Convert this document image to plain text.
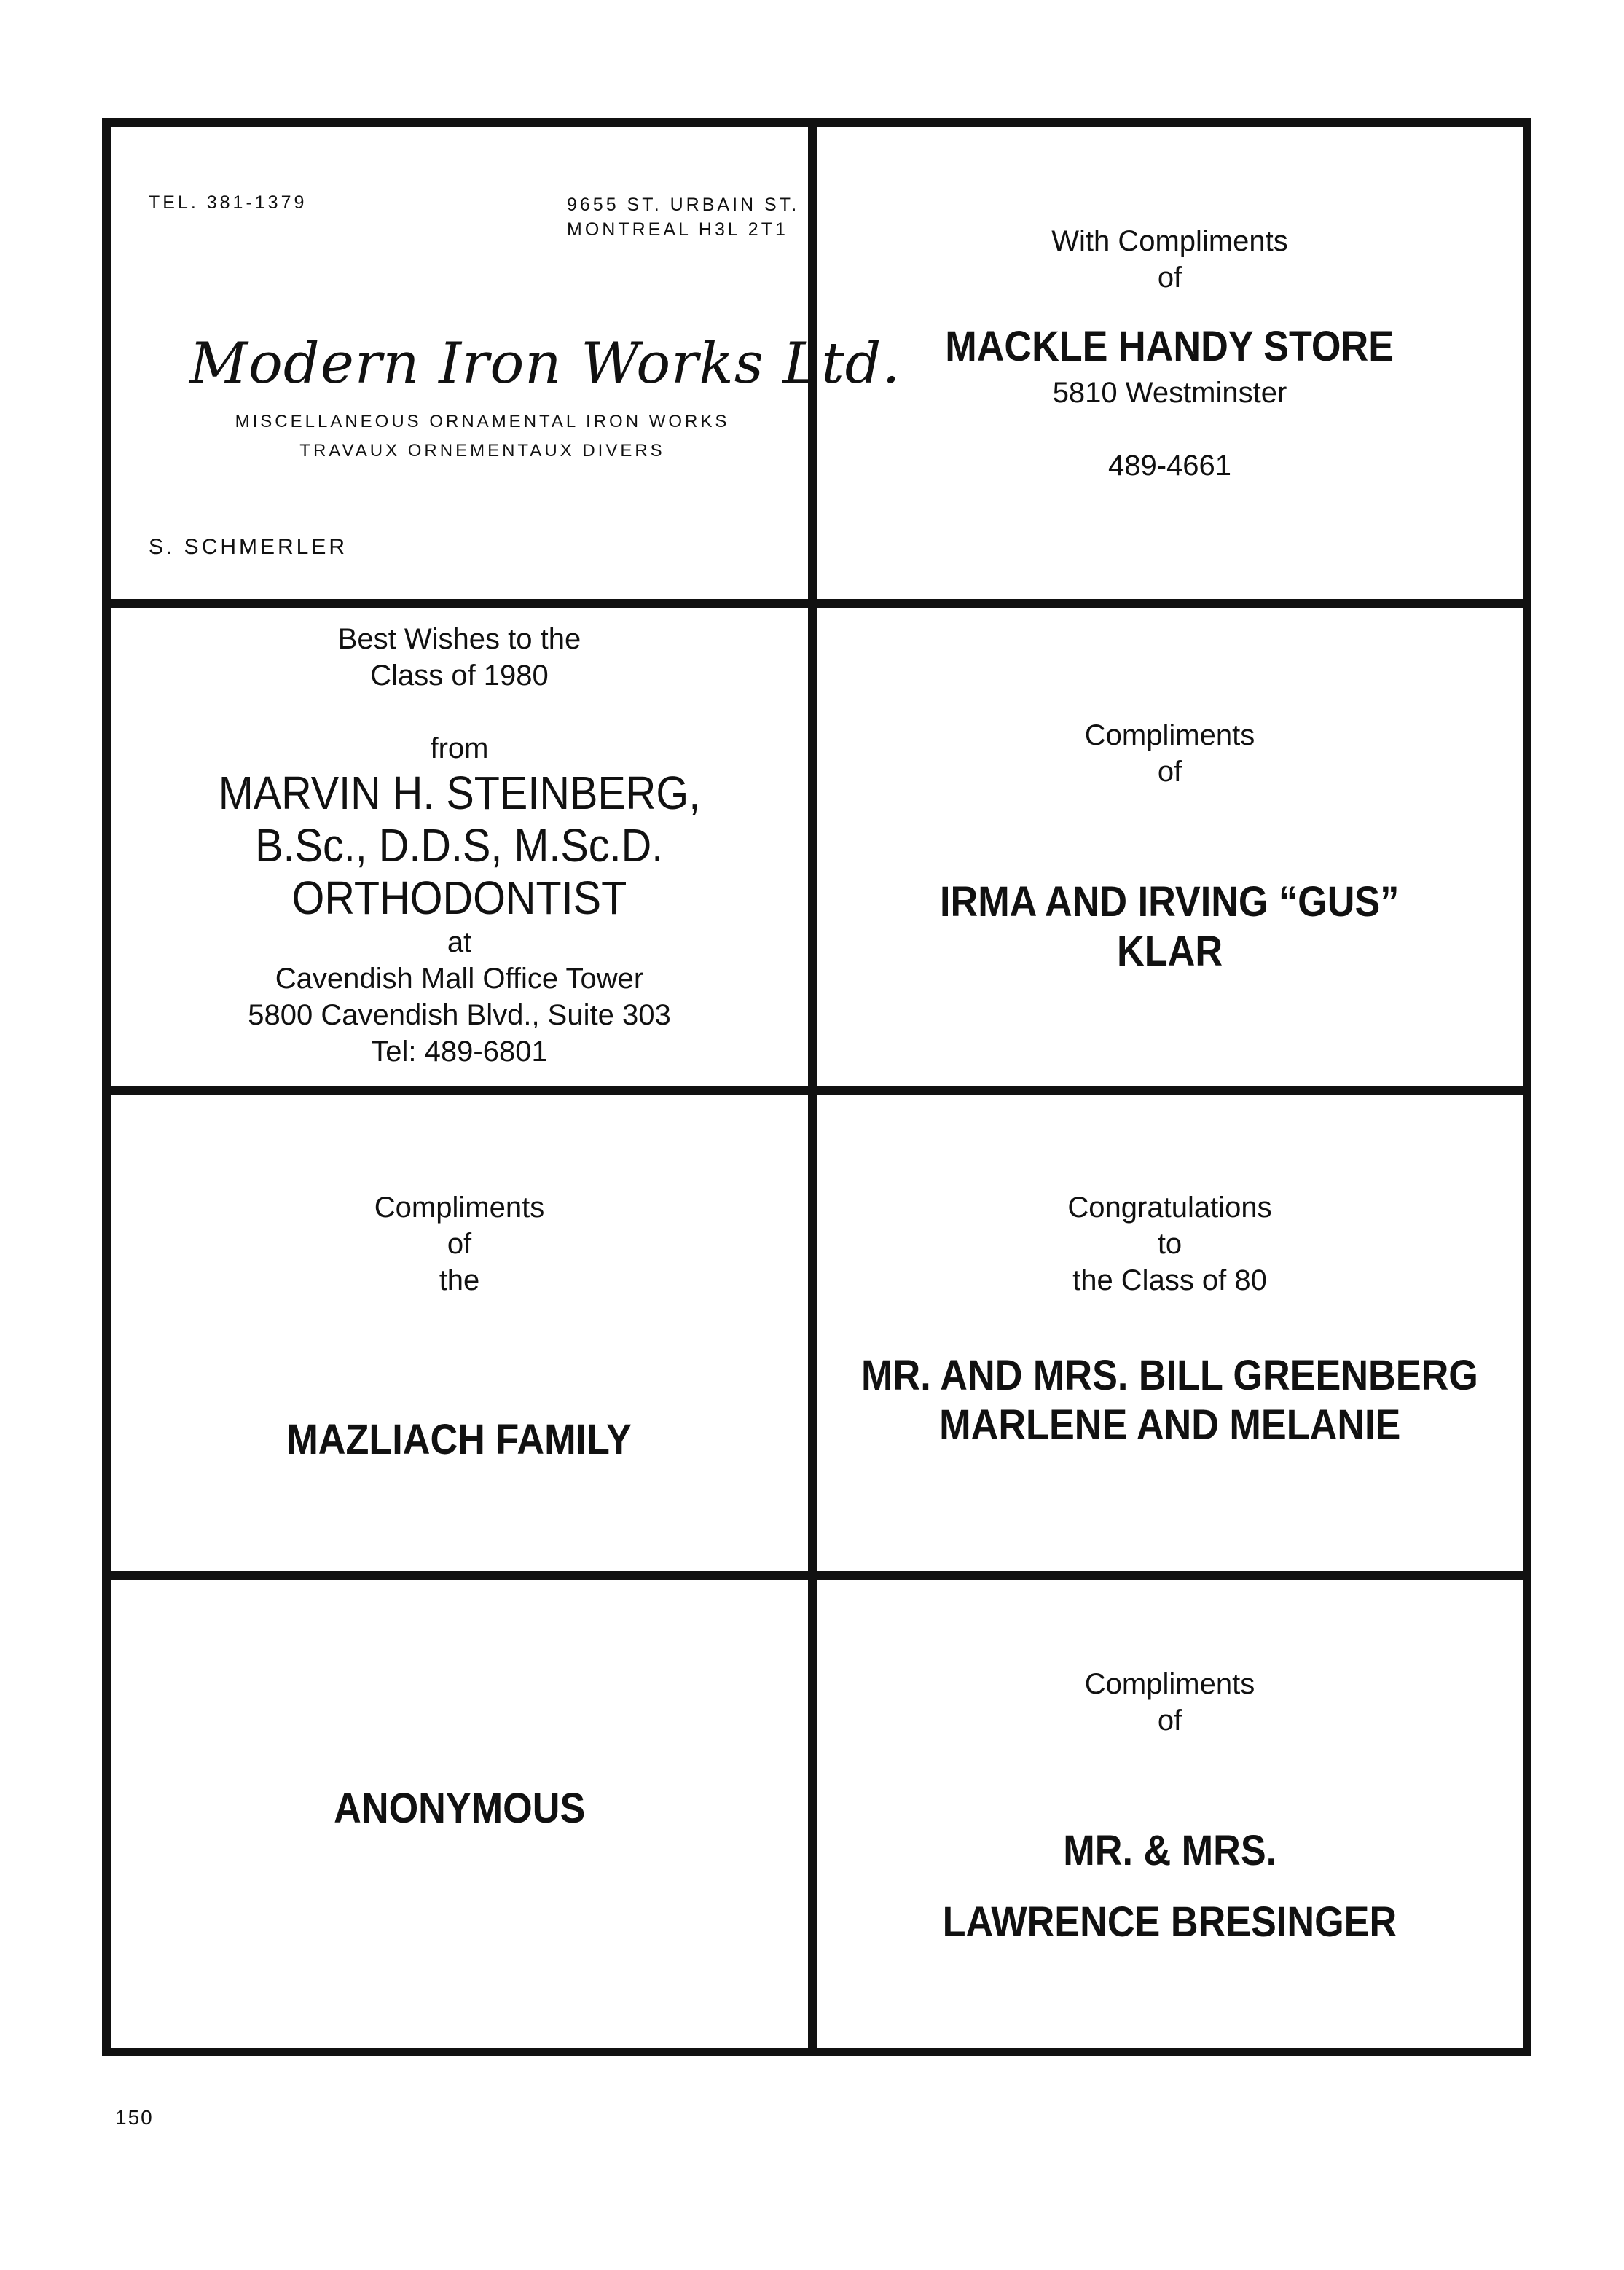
TEL. 381-1379	9655 ST. URBAIN ST.
MONTREAL H3L 2T1
Modern Iron Works Ltd.
MISCELLANEOUS ORNAMENTAL IRON WORKS
TRAVAUX ORNEMENTAUX DIVERS
S. SCHMERLER
With Compliments
of
MACKLE HANDY STORE
5810 Westminster
489-4661
Best Wishes to the
Class of 1980
from
MARVIN H. STEINBERG,
B.Sc., D.D.S, M.Sc.D.
ORTHODONTIST
at
Cavendish Mall Office Tower
5800 Cavendish Blvd., Suite 303
Tel: 489-6801
Compliments
of
IRMA AND IRVING “GUS”
KLAR
Compliments
of
the
MAZLIACH FAMILY
Congratulations
to
the Class of 80
MR. AND MRS. BILL GREENBERG
MARLENE AND MELANIE
ANONYMOUS
Compliments
of
MR. & MRS.
LAWRENCE BRESINGER
150
